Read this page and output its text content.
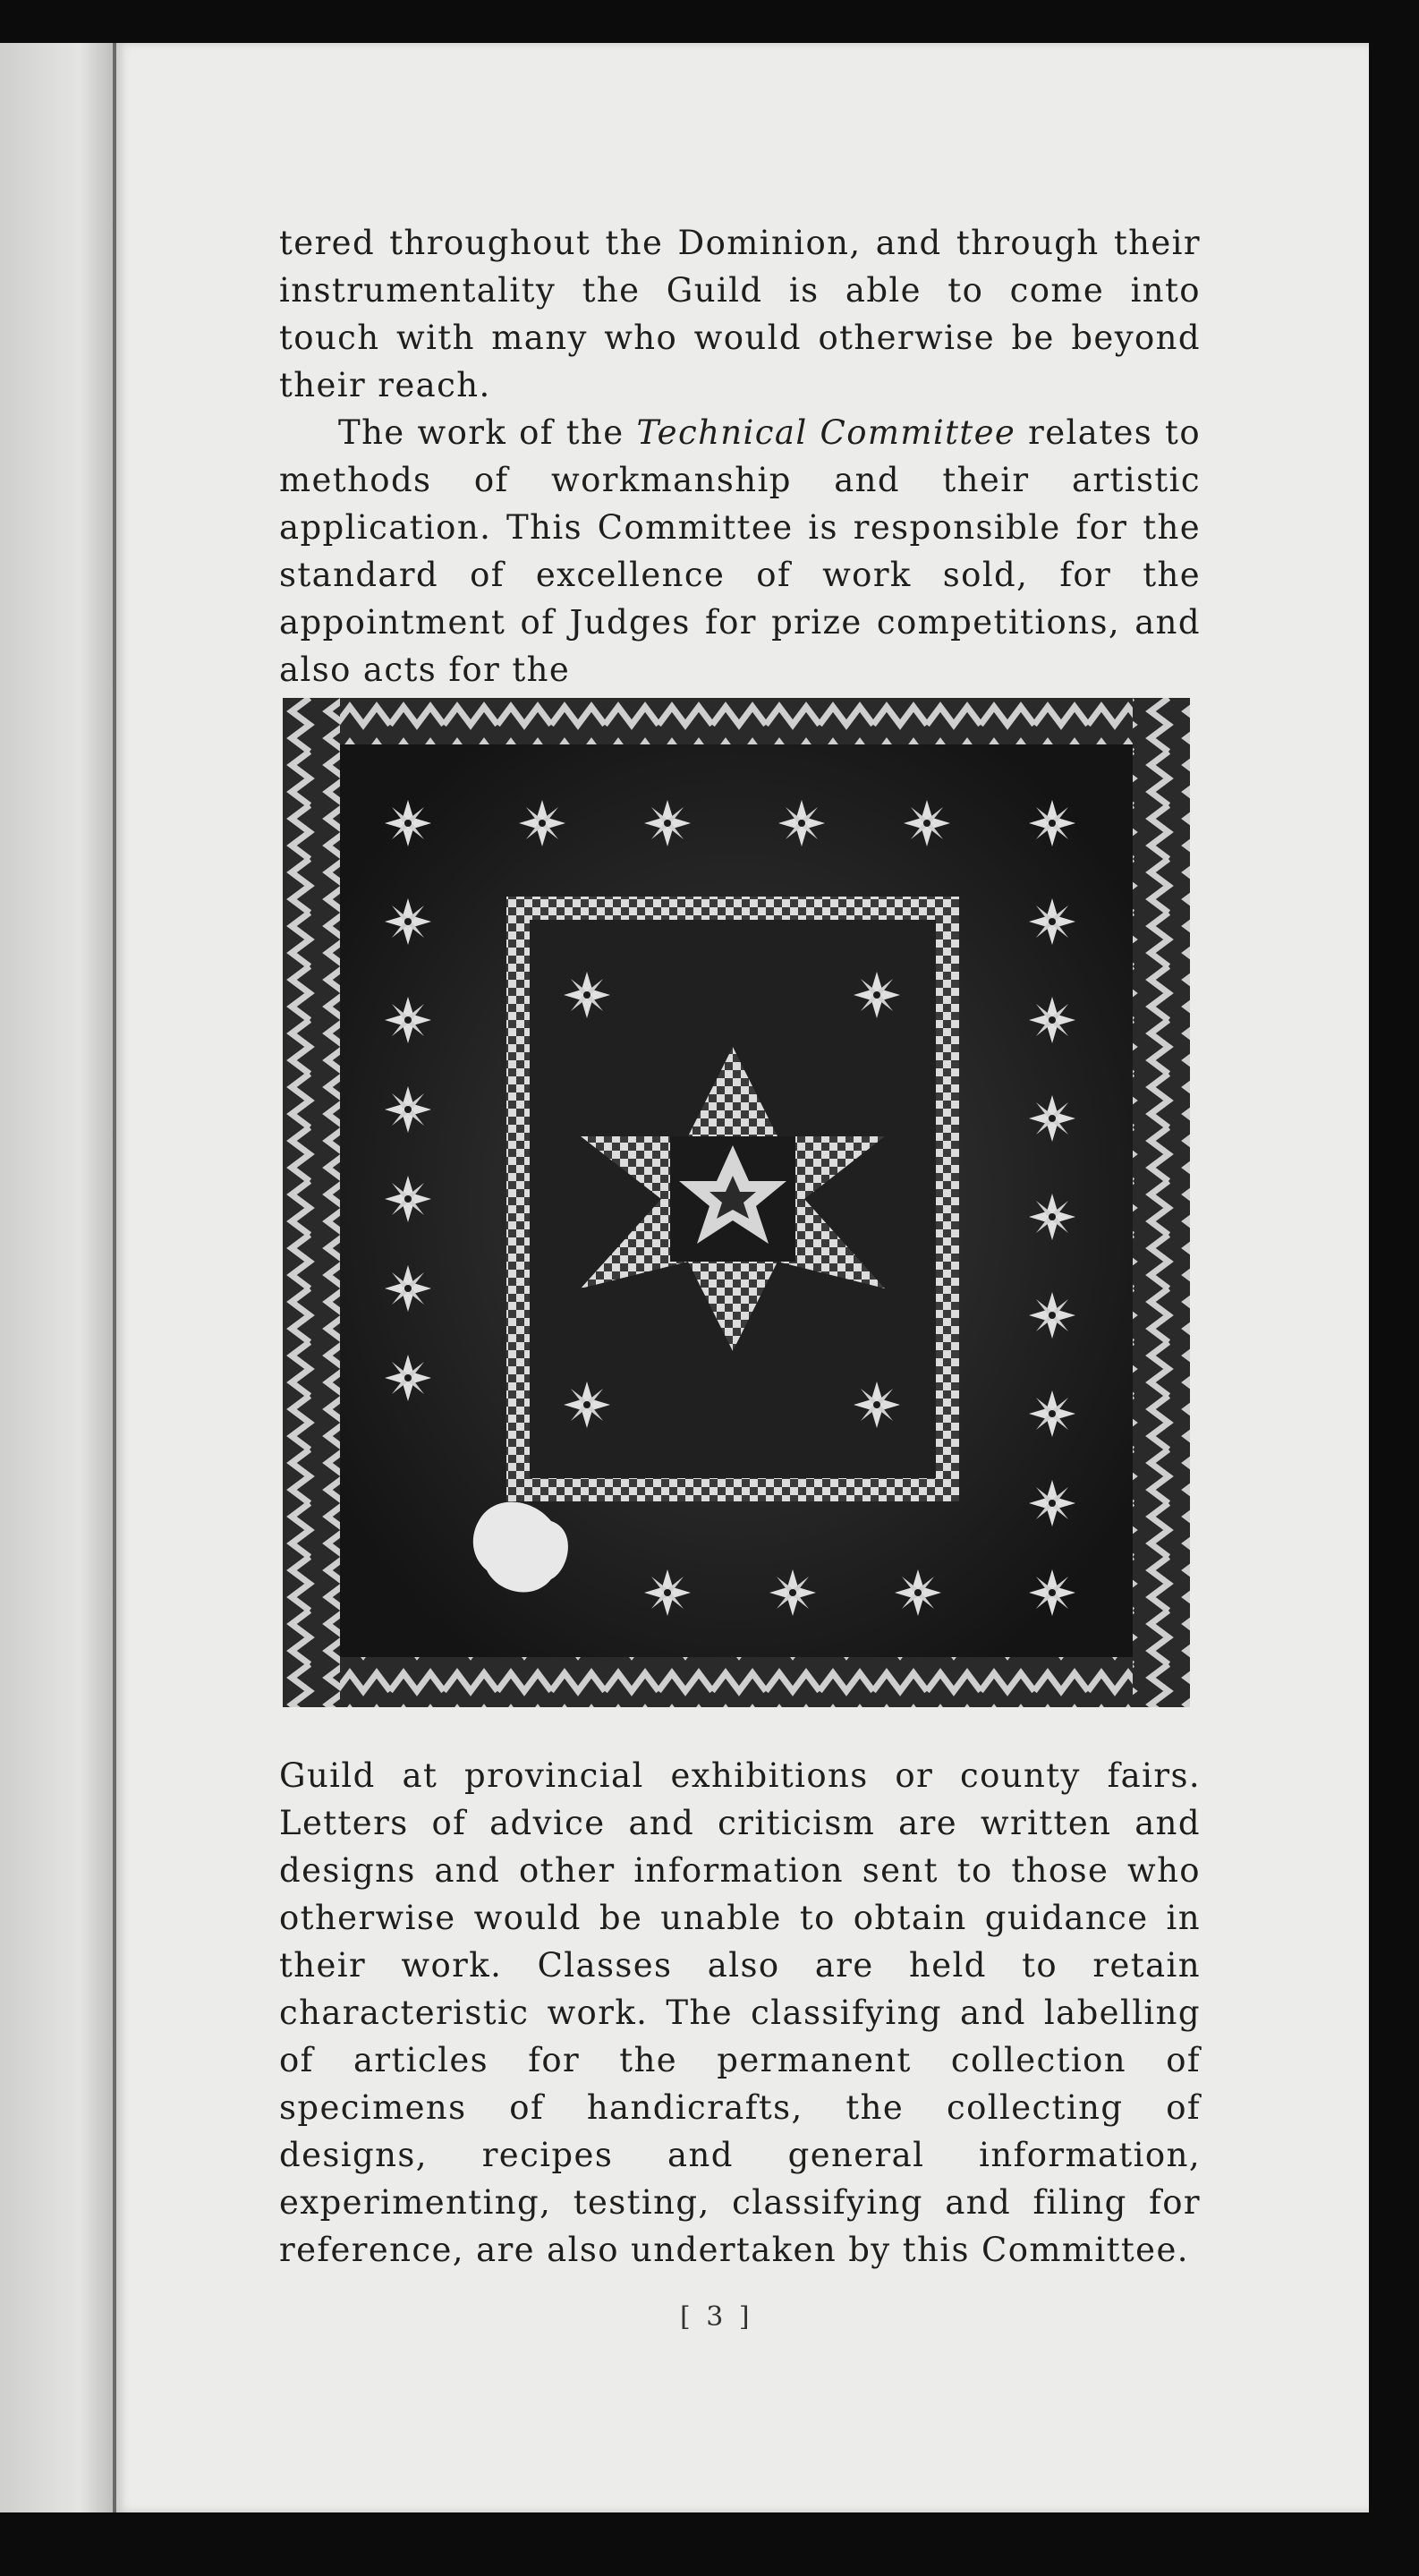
tered throughout the Dominion, and through their instrumentality the Guild is able to come into touch with many who would otherwise be beyond their reach.

The work of the Technical Committee relates to methods of workmanship and their artistic application. This Committee is responsible for the standard of excellence of work sold, for the appointment of Judges for prize competitions, and also acts for the

Guild at provincial exhibitions or county fairs. Letters of advice and criticism are written and designs and other information sent to those who otherwise would be unable to obtain guidance in their work. Classes also are held to retain characteristic work. The classifying and labelling of articles for the permanent collection of specimens of handicrafts, the collecting of designs, recipes and general information, experimenting, testing, classifying and filing for reference, are also undertaken by this Committee.

[ 3 ]
